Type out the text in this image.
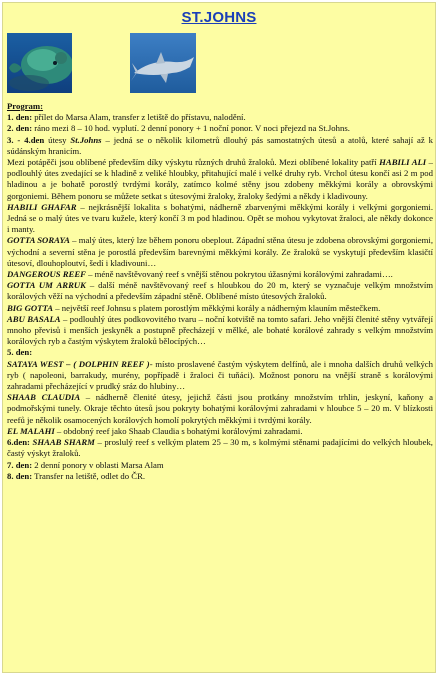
ST.JOHNS

Program:

1. den: přílet do Marsa Alam, transfer z letiště do přístavu, nalodění.

2. den: ráno mezi 8 – 10 hod. vyplutí. 2 denní ponory + 1 noční ponor. V noci přejezd na St.Johns.

3. - 4.den útesy St.Johns – jedná se o několik kilometrů dlouhý pás samostatných útesů a atolů, které sahají až k súdánským hranicím.

Mezi potápěči jsou oblíbené především díky výskytu různých druhů žraloků. Mezi oblíbené lokality patří HABILI ALI – podlouhlý útes zvedající se k hladině z veliké hloubky, přitahující malé i velké druhy ryb. Vrchol útesu končí asi 2 m pod hladinou a je bohatě porostlý tvrdými korály, zatímco kolmé stěny jsou zdobeny měkkými korály a obrovskými gorgoniemi. Během ponoru se můžete setkat s útesovými žraloky, žraloky šedými a někdy i kladivouny.

HABILI GHAFAR – nejkrásnější lokalita s bohatými, nádherně zbarvenými měkkými korály i velkými gorgoniemi. Jedná se o malý útes ve tvaru kužele, který končí 3 m pod hladinou. Opět se mohou vykytovat žraloci, ale někdy dokonce i manty.

GOTTA SORAYA – malý útes, který lze během ponoru obeplout. Západní stěna útesu je zdobena obrovskými gorgoniemi, východní a severní stěna je porostlá především barevnými měkkými korály. Ze žraloků se vyskytují především klasičtí útesoví, dlouhoploutví, šedí i kladivouni…

DANGEROUS REEF – méně navštěvovaný reef s vnější stěnou pokrytou úžasnými korálovými zahradami….

GOTTA UM ARRUK – další méně navštěvovaný reef s hloubkou do 20 m, který se vyznačuje velkým množstvím korálových věží na východní a především západní stěně. Oblíbené místo útesových žraloků.

BIG GOTTA – největší reef Johnsu s platem porostlým měkkými korály a nádherným klauním městečkem.

ABU BASALA – podlouhlý útes podkovovitého tvaru – noční kotviště na tomto safari. Jeho vnější členité stěny vytvářejí mnoho převisů i menších jeskyněk a postupně přecházejí v mělké, ale bohaté korálové zahrady s velkým množstvím korálových ryb a častým výskytem žraloků bělocípých…

5. den:

SATAYA WEST – ( DOLPHIN REEF )- místo proslavené častým výskytem delfínů, ale i mnoha dalších druhů velkých ryb ( napoleoni, barrakudy, murény, popřípadě i žraloci či tuňáci). Možnost ponoru na vnější straně s korálovými zahradami přecházející v prudký sráz do hlubiny…

SHAAB CLAUDIA – nádherně členité útesy, jejichž části jsou protkány množstvím trhlin, jeskyní, kaňony a podmořskými tunely. Okraje těchto útesů jsou pokryty bohatými korálovými zahradami v hloubce 5 – 20 m. V blízkosti reefů je několik osamocených korálových homolí pokrytých měkkými i tvrdými korály.

EL MALAHI – obdobný reef jako Shaab Claudia s bohatými korálovými zahradami.

6.den: SHAAB SHARM – proslulý reef s velkým platem 25 – 30 m, s kolmými stěnami padajícími do velkých hloubek, častý výskyt žraloků.

7. den: 2 denní ponory v oblasti Marsa Alam

8. den: Transfer na letiště, odlet do ČR.
